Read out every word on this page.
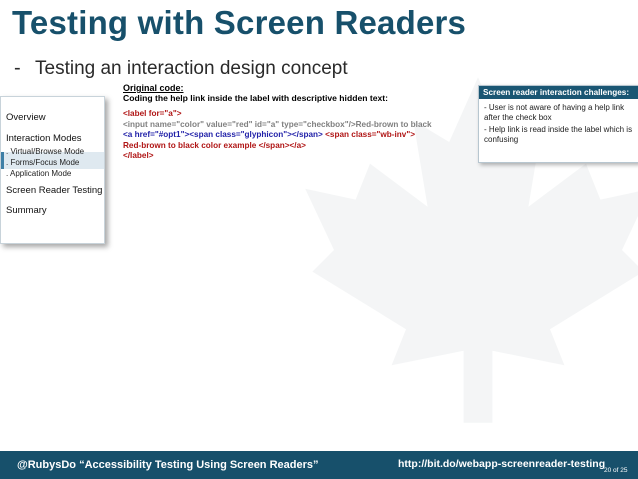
Testing with Screen Readers
- Testing an interaction design concept
Overview
Interaction Modes
. Virtual/Browse Mode
. Forms/Focus Mode
. Application Mode
Screen Reader Testing
Summary
Original code:
Coding the help link inside the label with descriptive hidden text:
<label for="a">
<input name="color" value="red" id="a" type="checkbox"/>Red-brown to black
<a href="#opt1"><span class="glyphicon"></span> <span class="wb-inv">
Red-brown to black color example </span></a>
</label>
Screen reader interaction challenges:
- User is not aware of having a help link after the check box
- Help link is read inside the label which is confusing
@RubysDo “Accessibility Testing Using Screen Readers”	http://bit.do/webapp-screenreader-testing
20 of 25
